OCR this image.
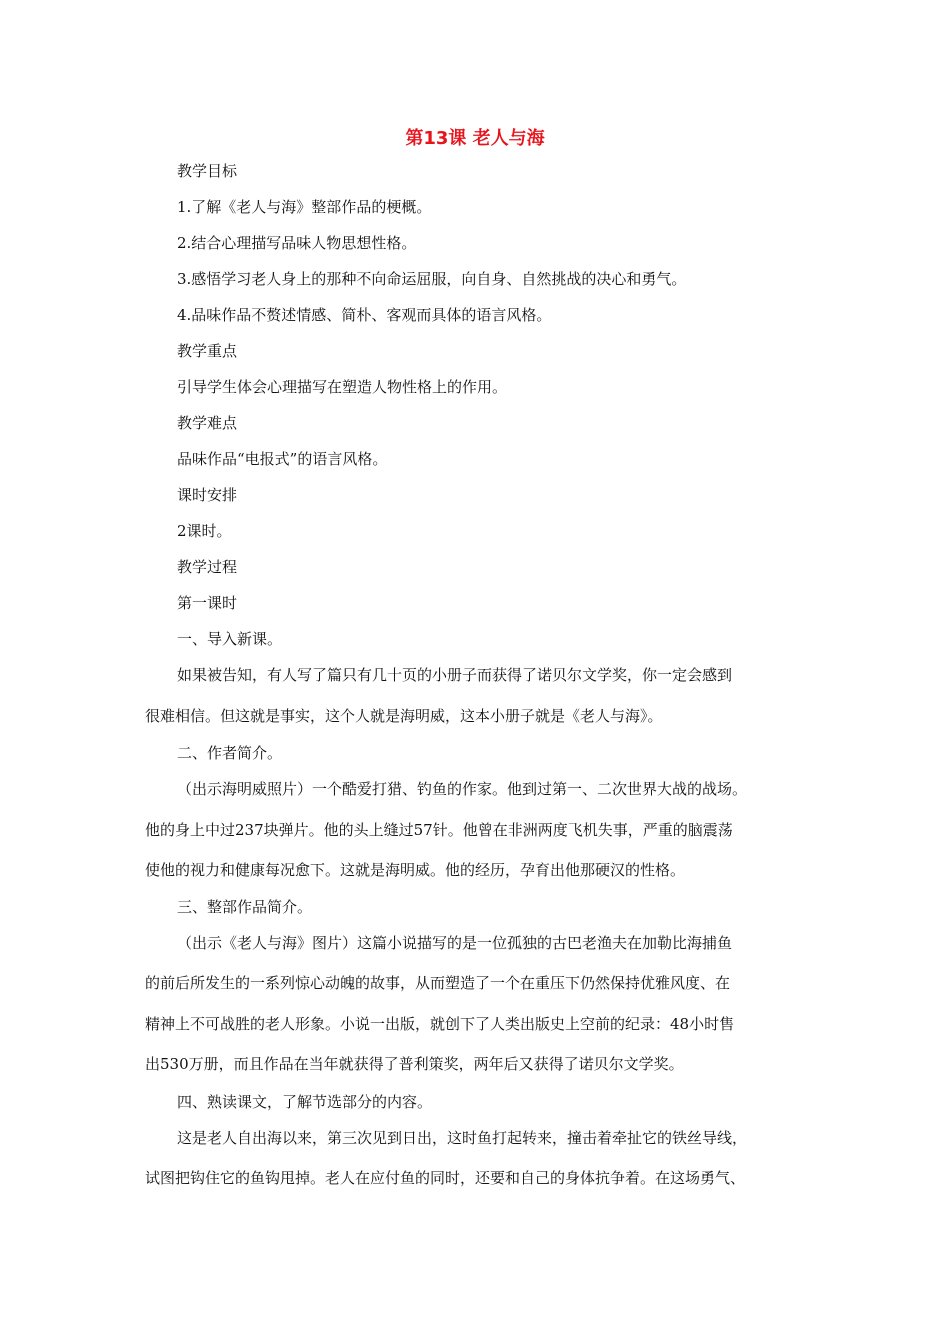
第13课 老人与海
教学目标
1.了解《老人与海》整部作品的梗概。
2.结合心理描写品味人物思想性格。
3.感悟学习老人身上的那种不向命运屈服，向自身、自然挑战的决心和勇气。
4.品味作品不赘述情感、简朴、客观而具体的语言风格。
教学重点
引导学生体会心理描写在塑造人物性格上的作用。
教学难点
品味作品“电报式”的语言风格。
课时安排
2课时。
教学过程
第一课时
一、导入新课。
如果被告知，有人写了篇只有几十页的小册子而获得了诺贝尔文学奖，你一定会感到
很难相信。但这就是事实，这个人就是海明威，这本小册子就是《老人与海》。
二、作者简介。
（出示海明威照片）一个酷爱打猎、钓鱼的作家。他到过第一、二次世界大战的战场。
他的身上中过237块弹片。他的头上缝过57针。他曾在非洲两度飞机失事，严重的脑震荡
使他的视力和健康每况愈下。这就是海明威。他的经历，孕育出他那硬汉的性格。
三、整部作品简介。
（出示《老人与海》图片）这篇小说描写的是一位孤独的古巴老渔夫在加勒比海捕鱼
的前后所发生的一系列惊心动魄的故事，从而塑造了一个在重压下仍然保持优雅风度、在
精神上不可战胜的老人形象。小说一出版，就创下了人类出版史上空前的纪录：48小时售
出530万册，而且作品在当年就获得了普利策奖，两年后又获得了诺贝尔文学奖。
四、熟读课文，了解节选部分的内容。
这是老人自出海以来，第三次见到日出，这时鱼打起转来，撞击着牵扯它的铁丝导线，
试图把钩住它的鱼钩甩掉。老人在应付鱼的同时，还要和自己的身体抗争着。在这场勇气、
